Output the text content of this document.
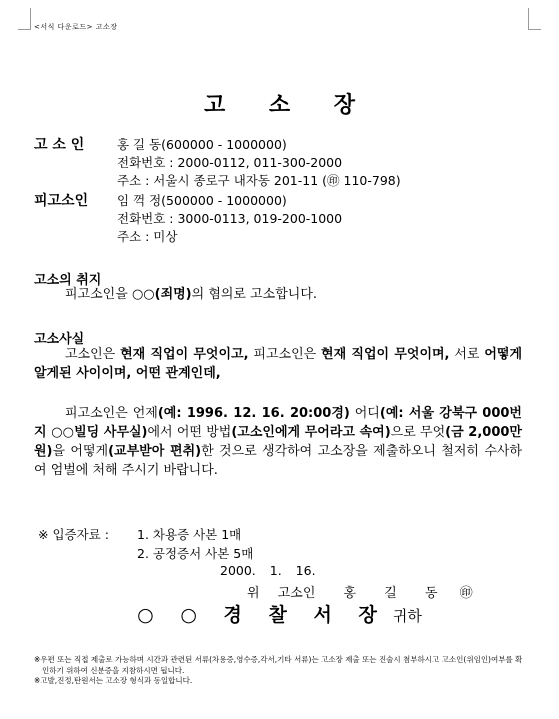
<서식 다운로드> 고소장
고 소 장
고 소 인	홍 길 동(600000 - 1000000)
전화번호 : 2000-0112, 011-300-2000
주소 : 서울시 종로구 내자동 201-11 (㊞ 110-798)
피고소인 임 꺽 정(500000 - 1000000)
전화번호 : 3000-0113, 019-200-1000
주소 : 미상
고소의 취지

피고소인을 ○○(죄명)의 혐의로 고소합니다.

고소사실

고소인은 현재 직업이 무엇이고, 피고소인은 현재 직업이 무엇이며, 서로 어떻게 알게된 사이이며, 어떤 관계인데,

피고소인은 언제(예: 1996. 12. 16. 20:00경) 어디(예: 서울 강북구 000번지 ○○빌딩 사무실)에서 어떤 방법(고소인에게 무어라고 속여)으로 무엇(금 2,000만원)을 어떻게(교부받아 편취)한 것으로 생각하여 고소장을 제출하오니 철저히 수사하여 엄벌에 처해 주시기 바랍니다.

※ 입증자료 : 1. 차용증 사본 1매
2. 공정증서 사본 5매
2000. 1. 16.
위 고소인 홍 길 동 ㊞
○ ○ 경 찰 서 장 귀하
※우편 또는 직접 제출로 가능하며 시간과 관련된 서류(차용증,영수증,각서,기타 서류)는 고소장 제출 또는 진술시 첨부하시고 고소인(위임인)여부를 확인하기 위하여 신분증을 지참하시면 됩니다.
※고발,진정,탄원서는 고소장 형식과 동일합니다.
